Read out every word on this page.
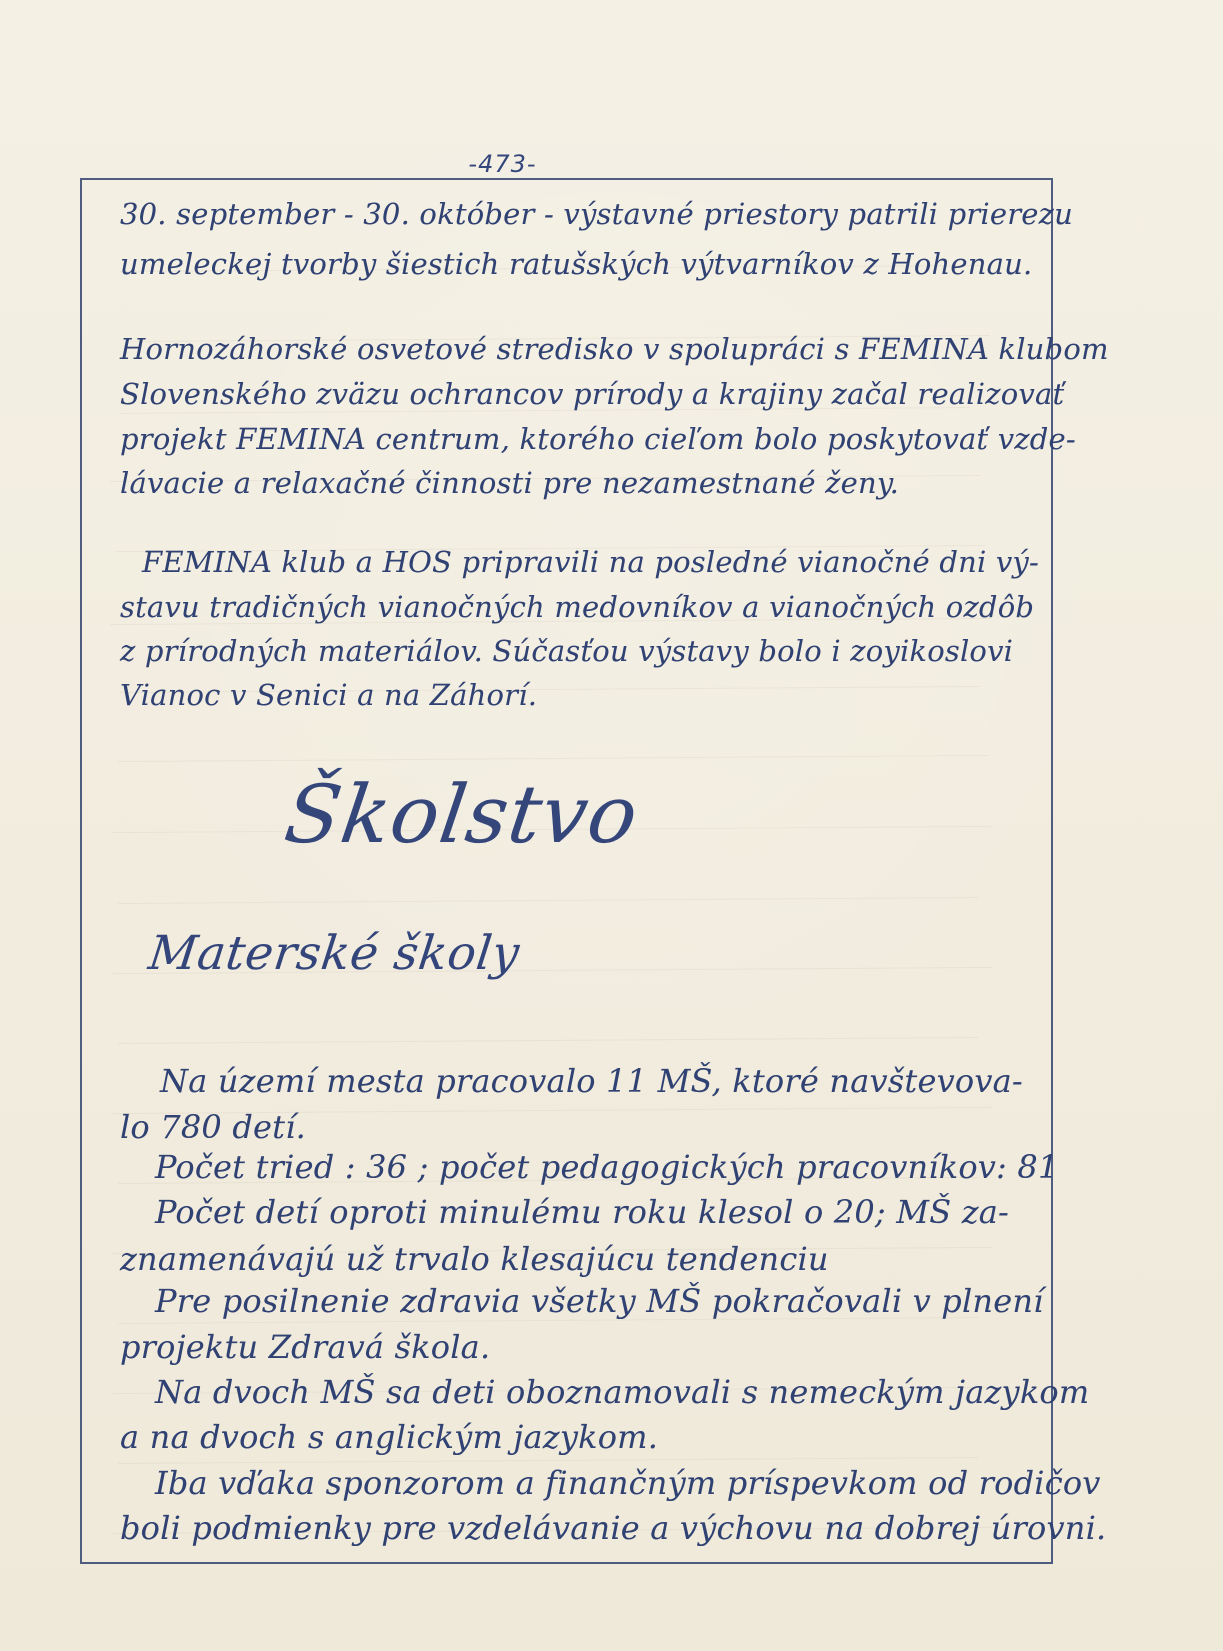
-473-
30. september - 30. október - výstavné priestory patrili prierezu
umeleckej tvorby šiestich ratušských výtvarníkov z Hohenau.
Hornozáhorské osvetové stredisko v spolupráci s FEMINA klubom
Slovenského zväzu ochrancov prírody a krajiny začal realizovať
projekt FEMINA centrum, ktorého cieľom bolo poskytovať vzde-
lávacie a relaxačné činnosti pre nezamestnané ženy.
FEMINA klub a HOS pripravili na posledné vianočné dni vý-
stavu tradičných vianočných medovníkov a vianočných ozdôb
z prírodných materiálov. Súčasťou výstavy bolo i zoyikoslovi
Vianoc v Senici a na Záhorí.
Školstvo
Materské školy
Na území mesta pracovalo 11 MŠ, ktoré navštevova-
lo 780 detí.
Počet tried : 36 ; počet pedagogických pracovníkov: 81
Počet detí oproti minulému roku klesol o 20; MŠ za-
znamenávajú už trvalo klesajúcu tendenciu
Pre posilnenie zdravia všetky MŠ pokračovali v plnení
projektu Zdravá škola.
Na dvoch MŠ sa deti oboznamovali s nemeckým jazykom
a na dvoch s anglickým jazykom.
Iba vďaka sponzorom a finančným príspevkom od rodičov
boli podmienky pre vzdelávanie a výchovu na dobrej úrovni.
